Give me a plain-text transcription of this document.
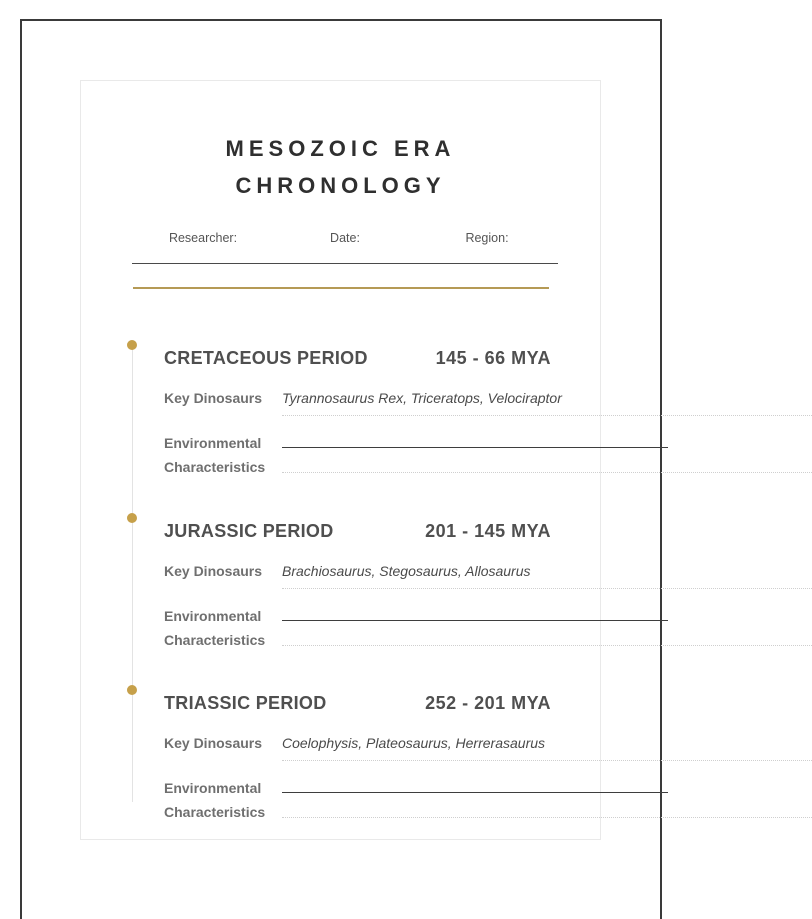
MESOZOIC ERA
CHRONOLOGY
Researcher:	Date:	Region:
CRETACEOUS PERIOD	145 - 66 MYA
Key Dinosaurs Tyrannosaurus Rex, Triceratops, Velociraptor
Environmental
Characteristics
JURASSIC PERIOD	201 - 145 MYA
Key Dinosaurs Brachiosaurus, Stegosaurus, Allosaurus
Environmental
Characteristics
TRIASSIC PERIOD	252 - 201 MYA
Key Dinosaurs Coelophysis, Plateosaurus, Herrerasaurus
Environmental
Characteristics
